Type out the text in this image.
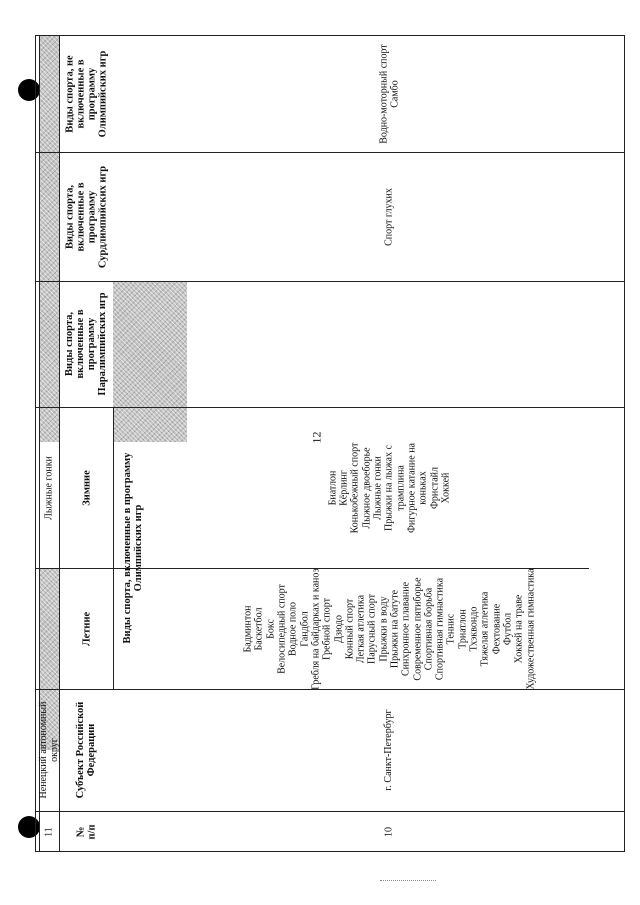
12
№ п/п
Субъект Российской Федерации
Виды спорта, включенные в программу Олимпийских игр
Летние
Зимние
Виды спорта, включенные в программу Паралимпийских игр
Виды спорта, включенные в программу Сурдлимпийских игр
Виды спорта, не включенные в программу Олимпийских игр
10
г. Санкт-Петербург
Бадминтон Баскетбол Бокс Велосипедный спорт Водное поло Гандбол Гребля на байдарках и каноэ Гребной спорт Дзюдо Конный спорт Легкая атлетика Парусный спорт Прыжки в воду Прыжки на батуте Синхронное плавание Современное пятиборье Спортивная борьба Спортивная гимнастика Теннис Триатлон Тхэквондо Тяжелая атлетика Фехтование Футбол Хоккей на траве Художественная гимнастика
Биатлон Кёрлинг Конькобежный спорт Лыжное двоеборье Лыжные гонки Прыжки на лыжах с трамплина Фигурное катание на коньках Фристайл Хоккей
Спорт глухих
Водно-моторный спорт Самбо
11
Ненецкий автономный округ
Лыжные гонки
